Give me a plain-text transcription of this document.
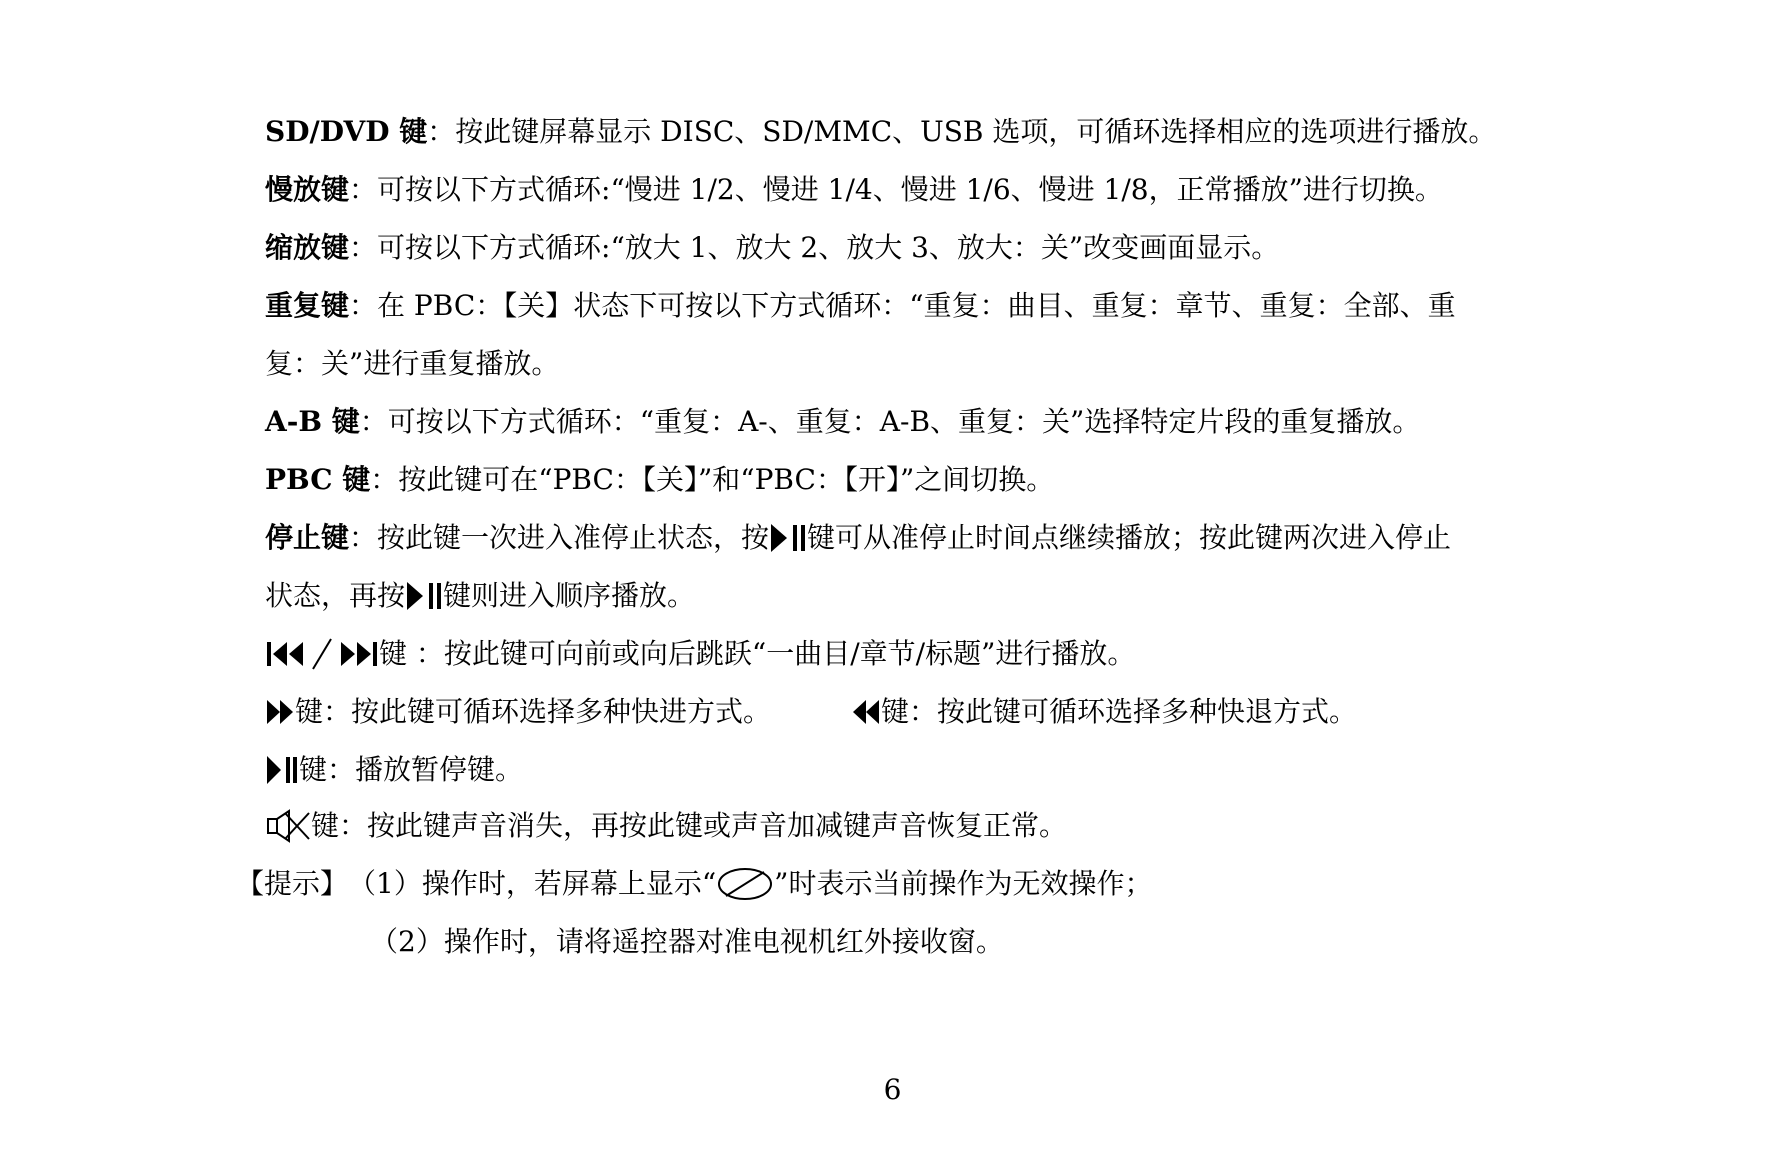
SD/DVD 键 ：按此键屏幕显示 DISC、SD/MMC、USB 选项，可循环选择相应的选项进行播放。
慢放键 ：可按以下方式循环:“慢进 1/2、慢进 1/4、慢进 1/6、慢进 1/8，正常播放”进行切换。
缩放键 ：可按以下方式循环:“放大 1、放大 2、放大 3、放大：关”改变画面显示。
重复键 ：在 PBC：【关】状态下可按以下方式循环：“重复：曲目、重复：章节、重复：全部、重
复：关”进行重复播放。
A-B 键 ：可按以下方式循环：“重复：A-、重复：A-B、重复：关”选择特定片段的重复播放。
PBC 键 ：按此键可在“PBC：【关】”和“PBC：【开】”之间切换。
停止键 ：按此键一次进入准停止状态，按 键可从准停止时间点继续播放；按此键两次进入停止
状态，再按 键则进入顺序播放。
键 ：按此键可向前或向后跳跃“一曲目/章节/标题”进行播放。
键：按此键可循环选择多种快进方式。	键：按此键可循环选择多种快退方式。
键：播放暂停键。
键：按此键声音消失，再按此键或声音加减键声音恢复正常。
【提示】 （1）操作时，若屏幕上显示“ ”时表示当前操作为无效操作；
（2）操作时，请将遥控器对准电视机红外接收窗。
6
